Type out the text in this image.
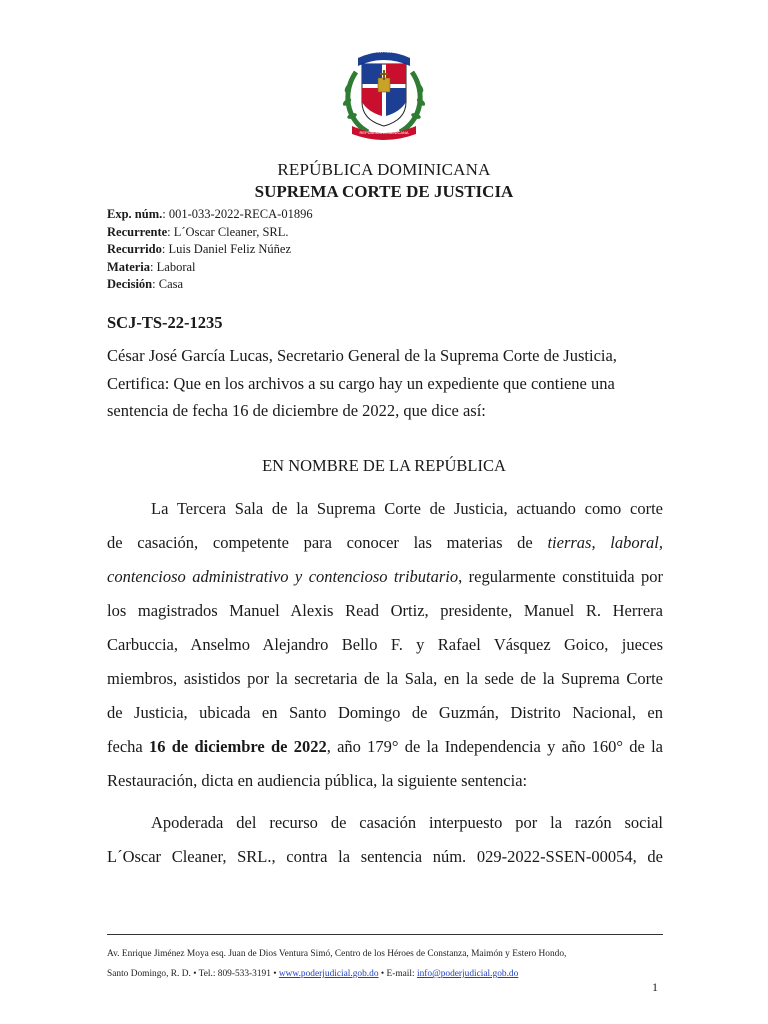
PATRIA
REPUBLICA DOMINICANA
REPÚBLICA DOMINICANA
SUPREMA CORTE DE JUSTICIA
Exp. núm.: 001-033-2022-RECA-01896
Recurrente: L´Oscar Cleaner, SRL.
Recurrido: Luis Daniel Feliz Núñez
Materia: Laboral
Decisión: Casa
SCJ-TS-22-1235
César José García Lucas, Secretario General de la Suprema Corte de Justicia,
Certifica: Que en los archivos a su cargo hay un expediente que contiene una
sentencia de fecha 16 de diciembre de 2022, que dice así:
EN NOMBRE DE LA REPÚBLICA
La Tercera Sala de la Suprema Corte de Justicia, actuando como corte
de casación, competente para conocer las materias de tierras, laboral,
contencioso administrativo y contencioso tributario, regularmente constituida por
los magistrados Manuel Alexis Read Ortiz, presidente, Manuel R. Herrera
Carbuccia, Anselmo Alejandro Bello F. y Rafael Vásquez Goico, jueces
miembros, asistidos por la secretaria de la Sala, en la sede de la Suprema Corte
de Justicia, ubicada en Santo Domingo de Guzmán, Distrito Nacional, en
fecha 16 de diciembre de 2022, año 179° de la Independencia y año 160° de la
Restauración, dicta en audiencia pública, la siguiente sentencia:
Apoderada del recurso de casación interpuesto por la razón social
L´Oscar Cleaner, SRL., contra la sentencia núm. 029-2022-SSEN-00054, de
Av. Enrique Jiménez Moya esq. Juan de Dios Ventura Simó, Centro de los Héroes de Constanza, Maimón y Estero Hondo,
Santo Domingo, R. D. • Tel.: 809-533-3191 • www.poderjudicial.gob.do • E-mail: info@poderjudicial.gob.do
1
